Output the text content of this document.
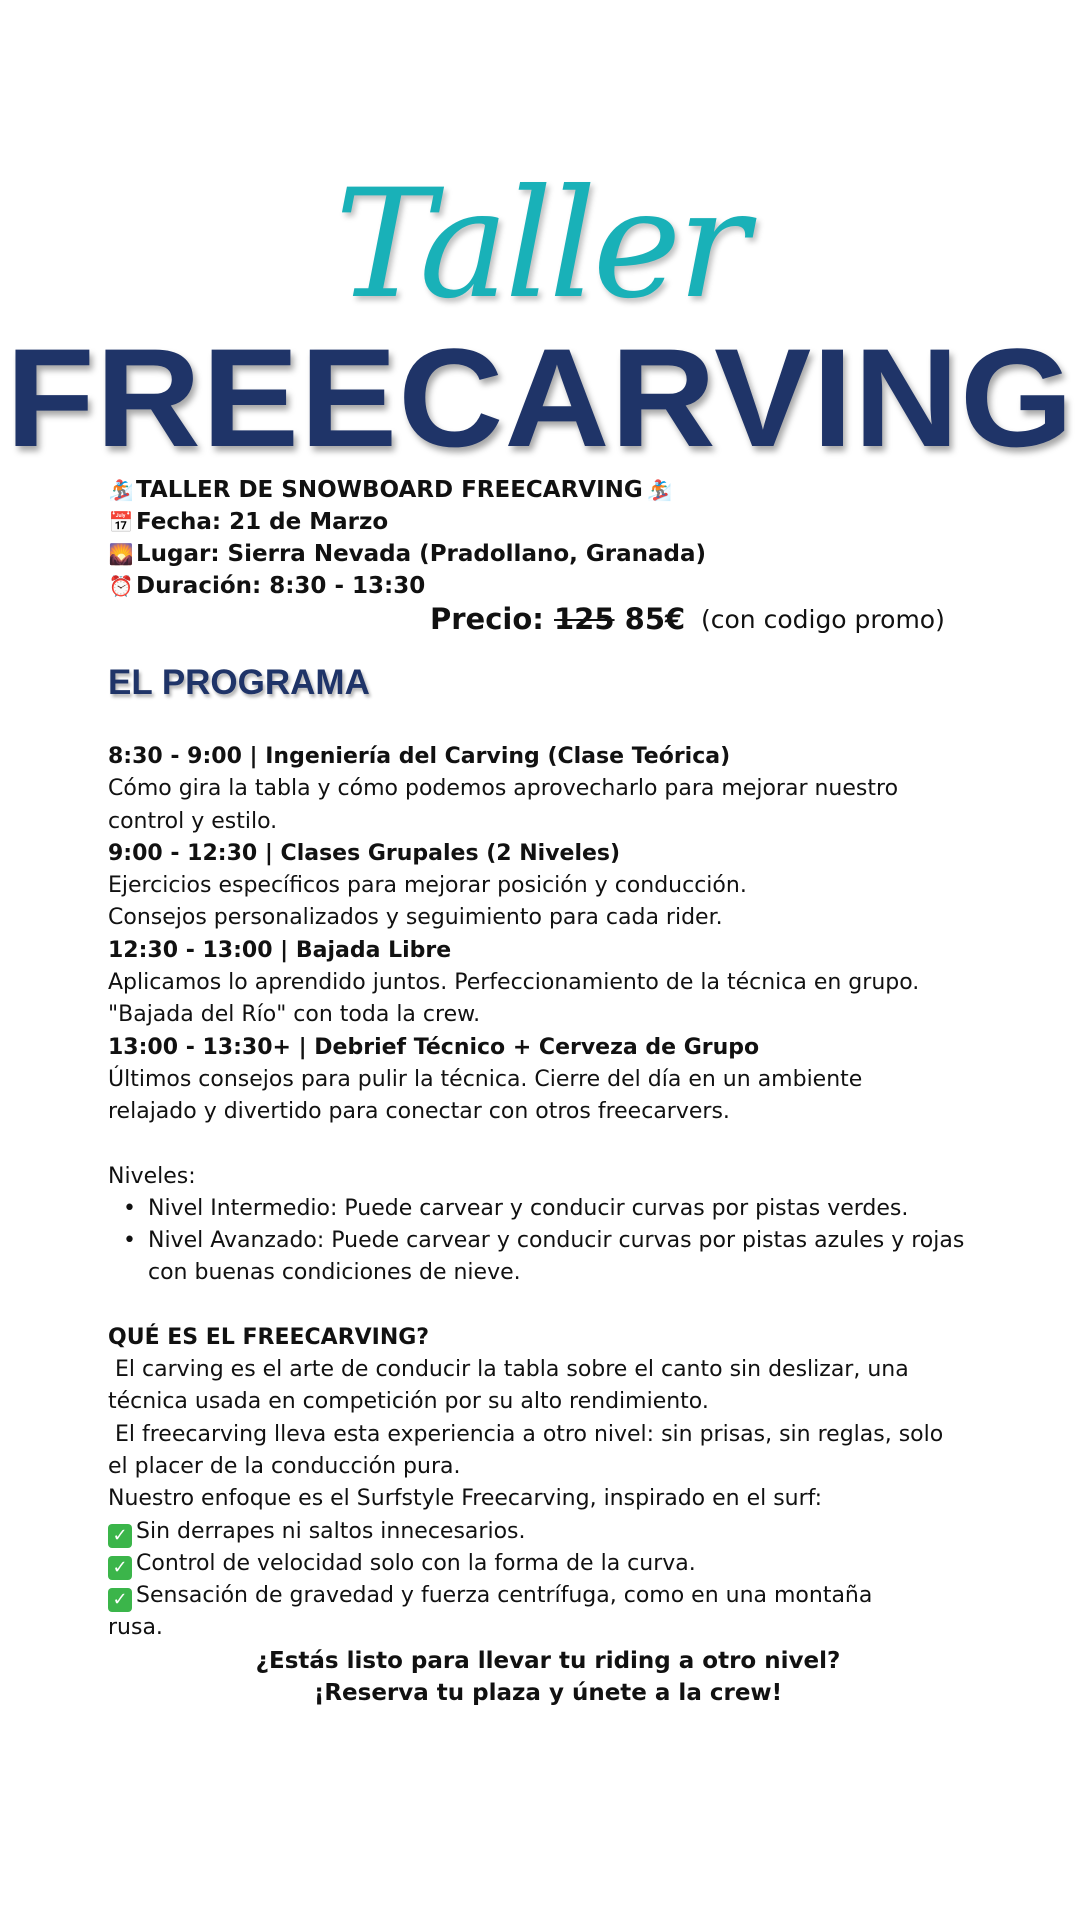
Taller
FREECARVING
🏂 TALLER DE SNOWBOARD FREECARVING 🏂
📅 Fecha: 21 de Marzo
🌄 Lugar: Sierra Nevada (Pradollano, Granada)
⏰ Duración: 8:30 - 13:30
Precio: 125 85€ (con codigo promo)
EL PROGRAMA
8:30 - 9:00 | Ingeniería del Carving (Clase Teórica)
Cómo gira la tabla y cómo podemos aprovecharlo para mejorar nuestro
control y estilo.
9:00 - 12:30 | Clases Grupales (2 Niveles)
Ejercicios específicos para mejorar posición y conducción.
Consejos personalizados y seguimiento para cada rider.
12:30 - 13:00 | Bajada Libre
Aplicamos lo aprendido juntos. Perfeccionamiento de la técnica en grupo.
"Bajada del Río" con toda la crew.
13:00 - 13:30+ | Debrief Técnico + Cerveza de Grupo
Últimos consejos para pulir la técnica. Cierre del día en un ambiente
relajado y divertido para conectar con otros freecarvers.
Niveles:
• Nivel Intermedio: Puede carvear y conducir curvas por pistas verdes.
• Nivel Avanzado: Puede carvear y conducir curvas por pistas azules y rojas con buenas condiciones de nieve.
QUÉ ES EL FREECARVING?
El carving es el arte de conducir la tabla sobre el canto sin deslizar, una
técnica usada en competición por su alto rendimiento.
El freecarving lleva esta experiencia a otro nivel: sin prisas, sin reglas, solo
el placer de la conducción pura.
Nuestro enfoque es el Surfstyle Freecarving, inspirado en el surf:
✓ Sin derrapes ni saltos innecesarios.
✓ Control de velocidad solo con la forma de la curva.
✓ Sensación de gravedad y fuerza centrífuga, como en una montaña
rusa.
¿Estás listo para llevar tu riding a otro nivel?
¡Reserva tu plaza y únete a la crew!
